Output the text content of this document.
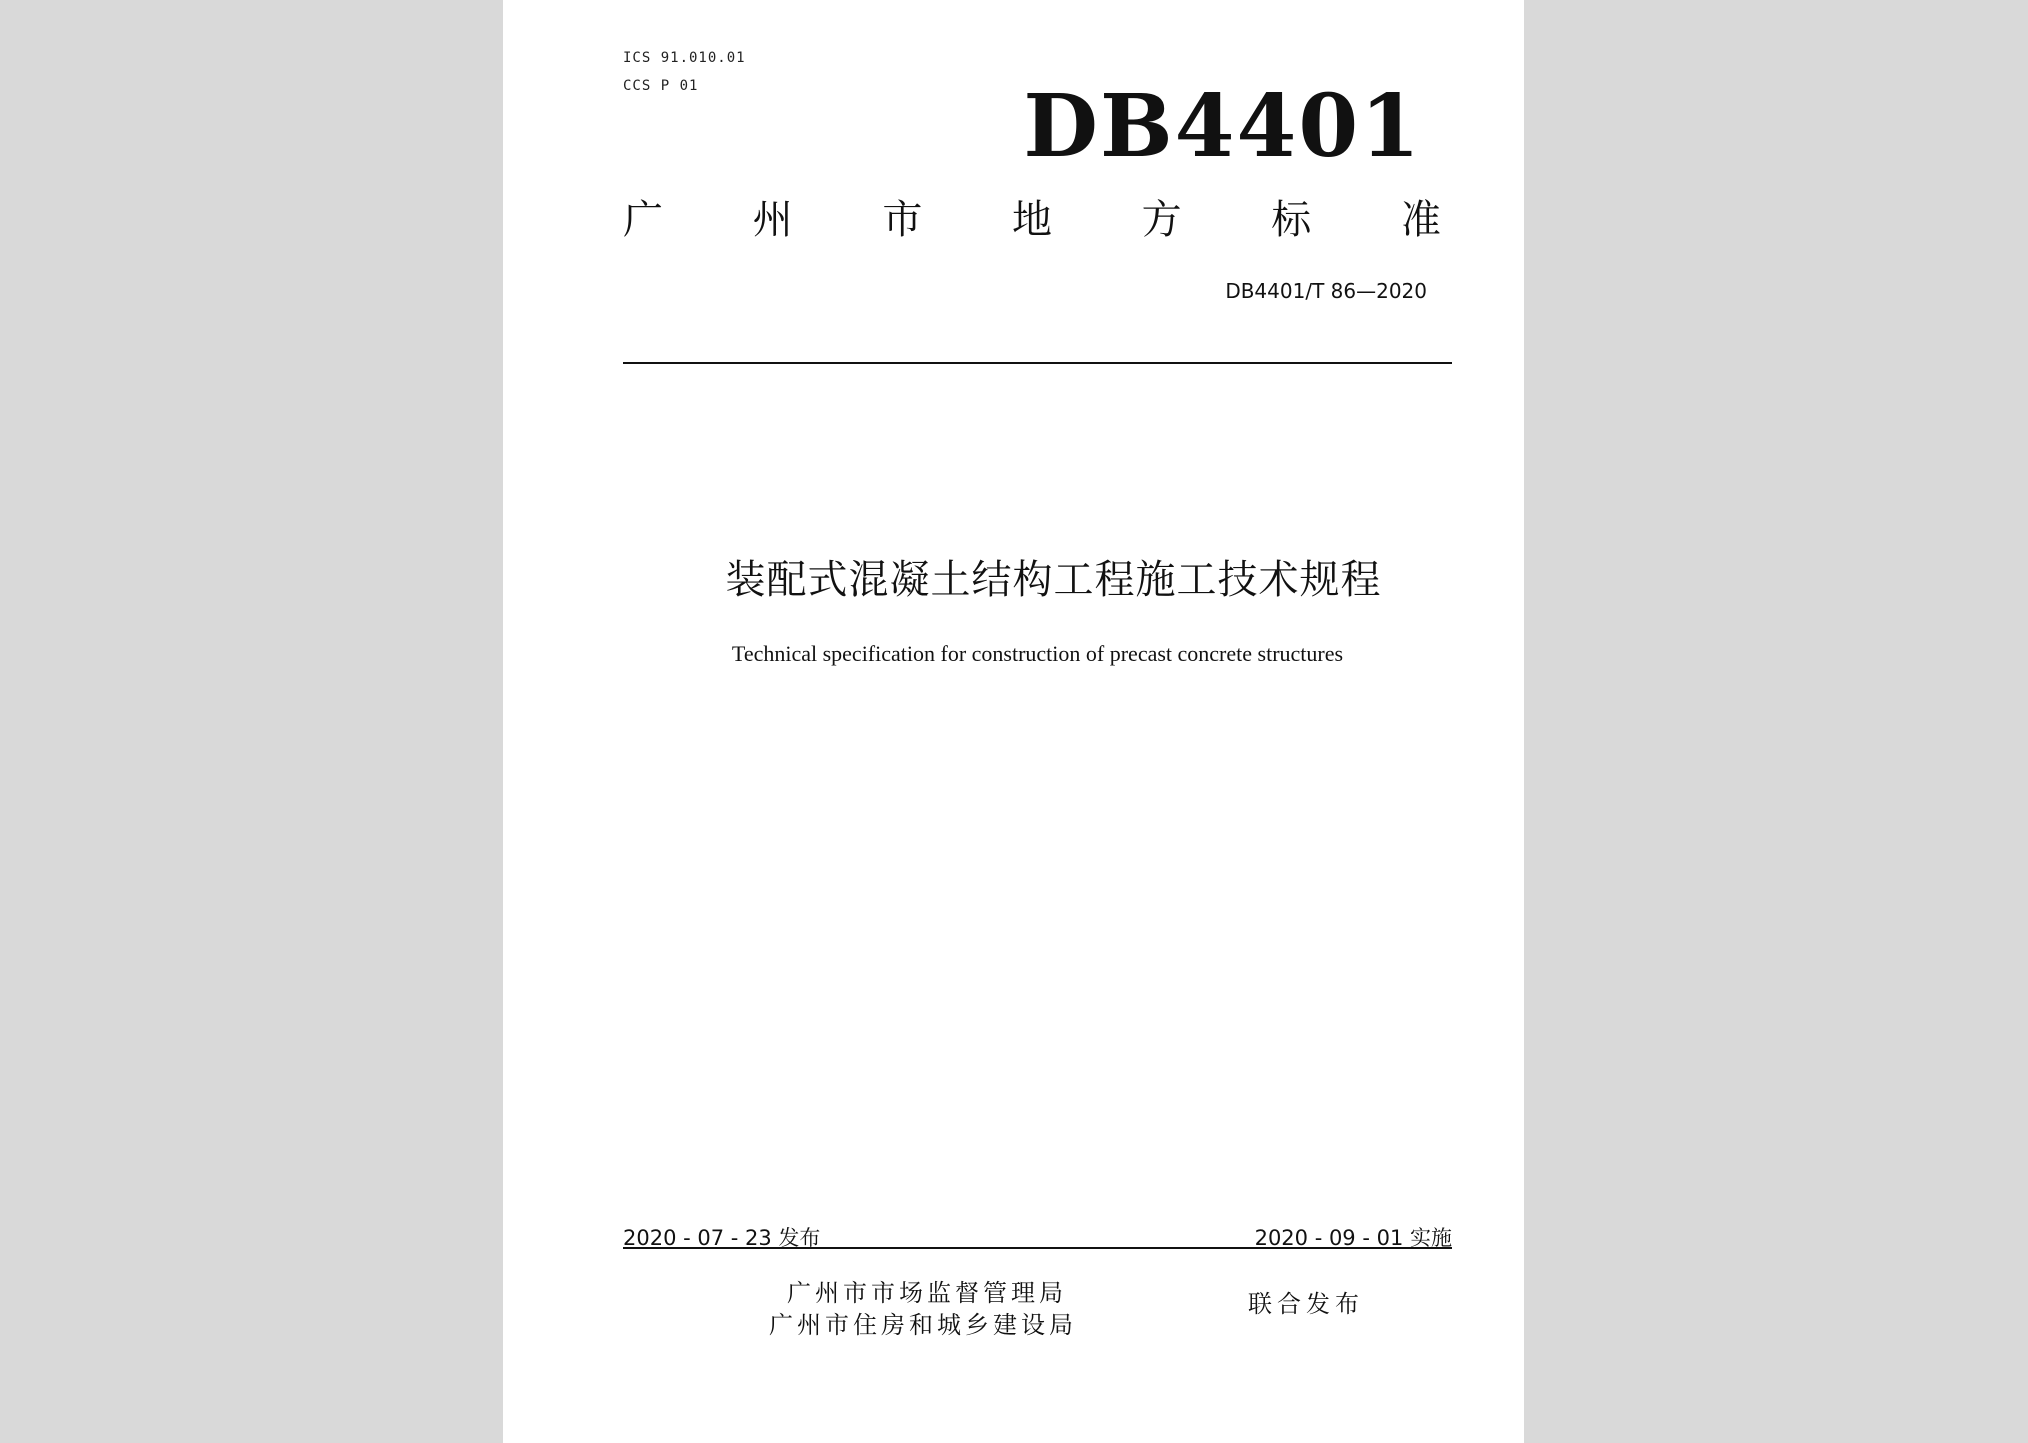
ICS 91.010.01
CCS P 01	DB4401
广 州 市 地 方 标 准
DB4401/T 86—2020
装配式混凝土结构工程施工技术规程
Technical specification for construction of precast concrete structures
2020 - 07 - 23 发布	2020 - 09 - 01 实施
广州市市场监督管理局
广州市住房和城乡建设局
联合发布
